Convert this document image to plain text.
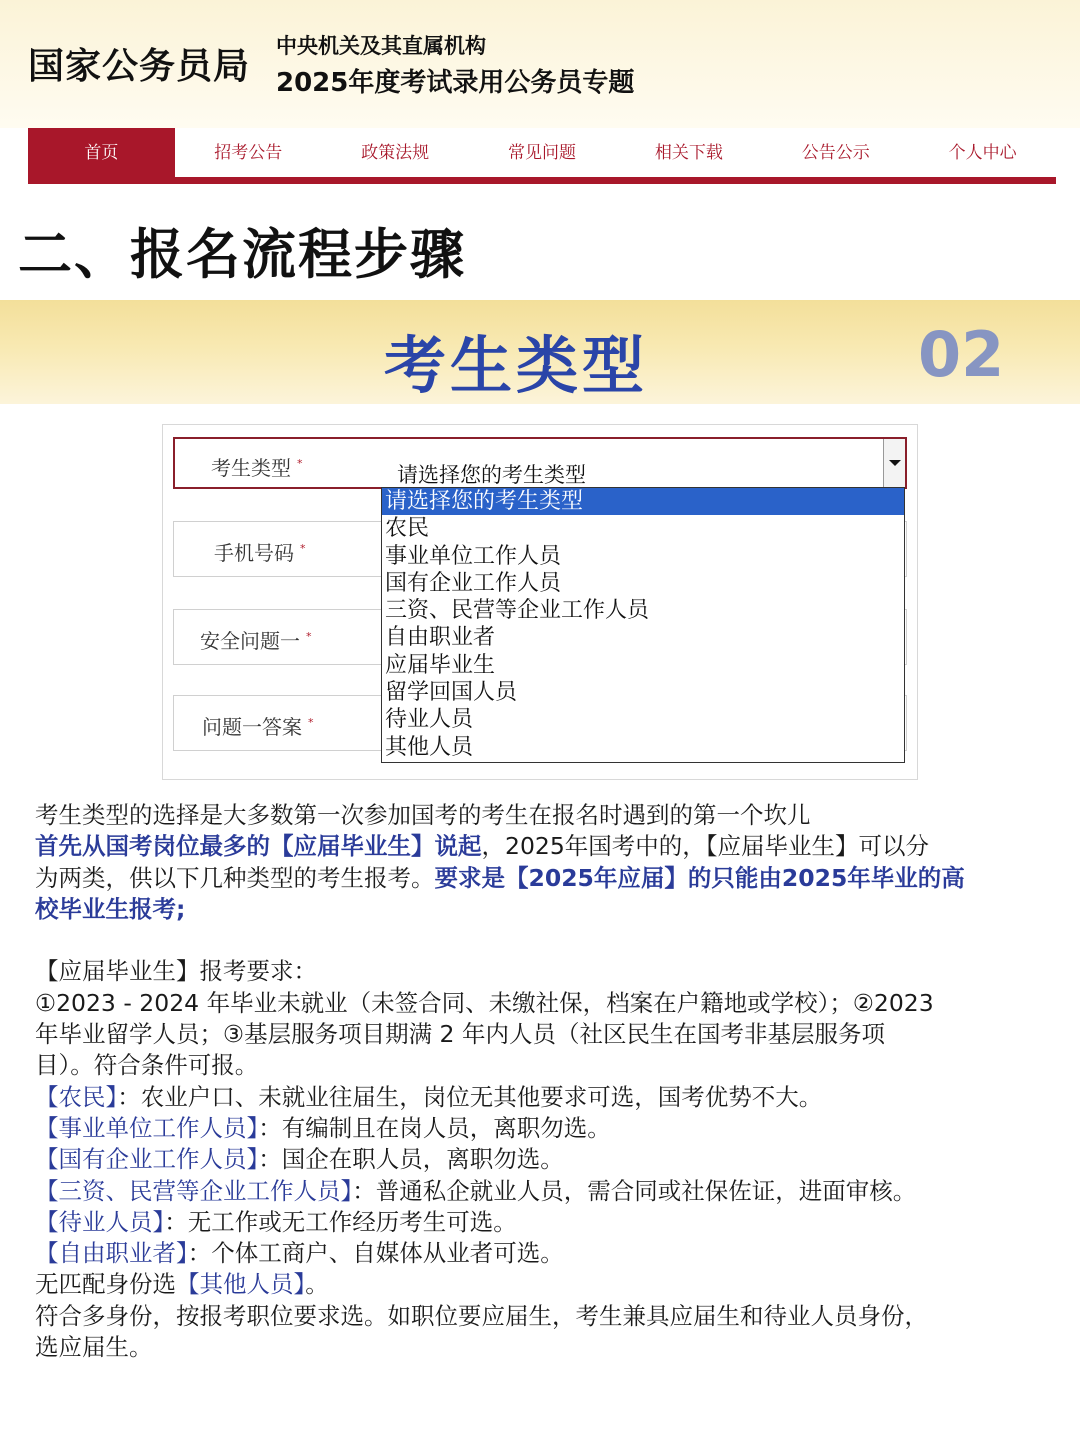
国家公务员局 中央机关及其直属机构
2025年度考试录用公务员专题
首页	招考公告	政策法规	常见问题	相关下载	公告公示	个人中心
二、报名流程步骤
考生类型	02
考生类型 *	请选择您的考生类型
手机号码 *
安全问题一 *
问题一答案 *
请选择您的考生类型
农民
事业单位工作人员
国有企业工作人员
三资、民营等企业工作人员
自由职业者
应届毕业生
留学回国人员
待业人员
其他人员
考生类型的选择是大多数第一次参加国考的考生在报名时遇到的第一个坎儿
首先从国考岗位最多的【应届毕业生】说起，2025年国考中的，【应届毕业生】可以分
为两类，供以下几种类型的考生报考。要求是【2025年应届】的只能由2025年毕业的高
校毕业生报考;
【应届毕业生】报考要求：
①2023 - 2024 年毕业未就业（未签合同、未缴社保，档案在户籍地或学校）；②2023
年毕业留学人员；③基层服务项目期满 2 年内人员（社区民生在国考非基层服务项
目）。符合条件可报。
【农民】：农业户口、未就业往届生，岗位无其他要求可选，国考优势不大。
【事业单位工作人员】：有编制且在岗人员，离职勿选。
【国有企业工作人员】：国企在职人员，离职勿选。
【三资、民营等企业工作人员】：普通私企就业人员，需合同或社保佐证，进面审核。
【待业人员】：无工作或无工作经历考生可选。
【自由职业者】：个体工商户、自媒体从业者可选。
无匹配身份选【其他人员】。
符合多身份，按报考职位要求选。如职位要应届生，考生兼具应届生和待业人员身份，
选应届生。
